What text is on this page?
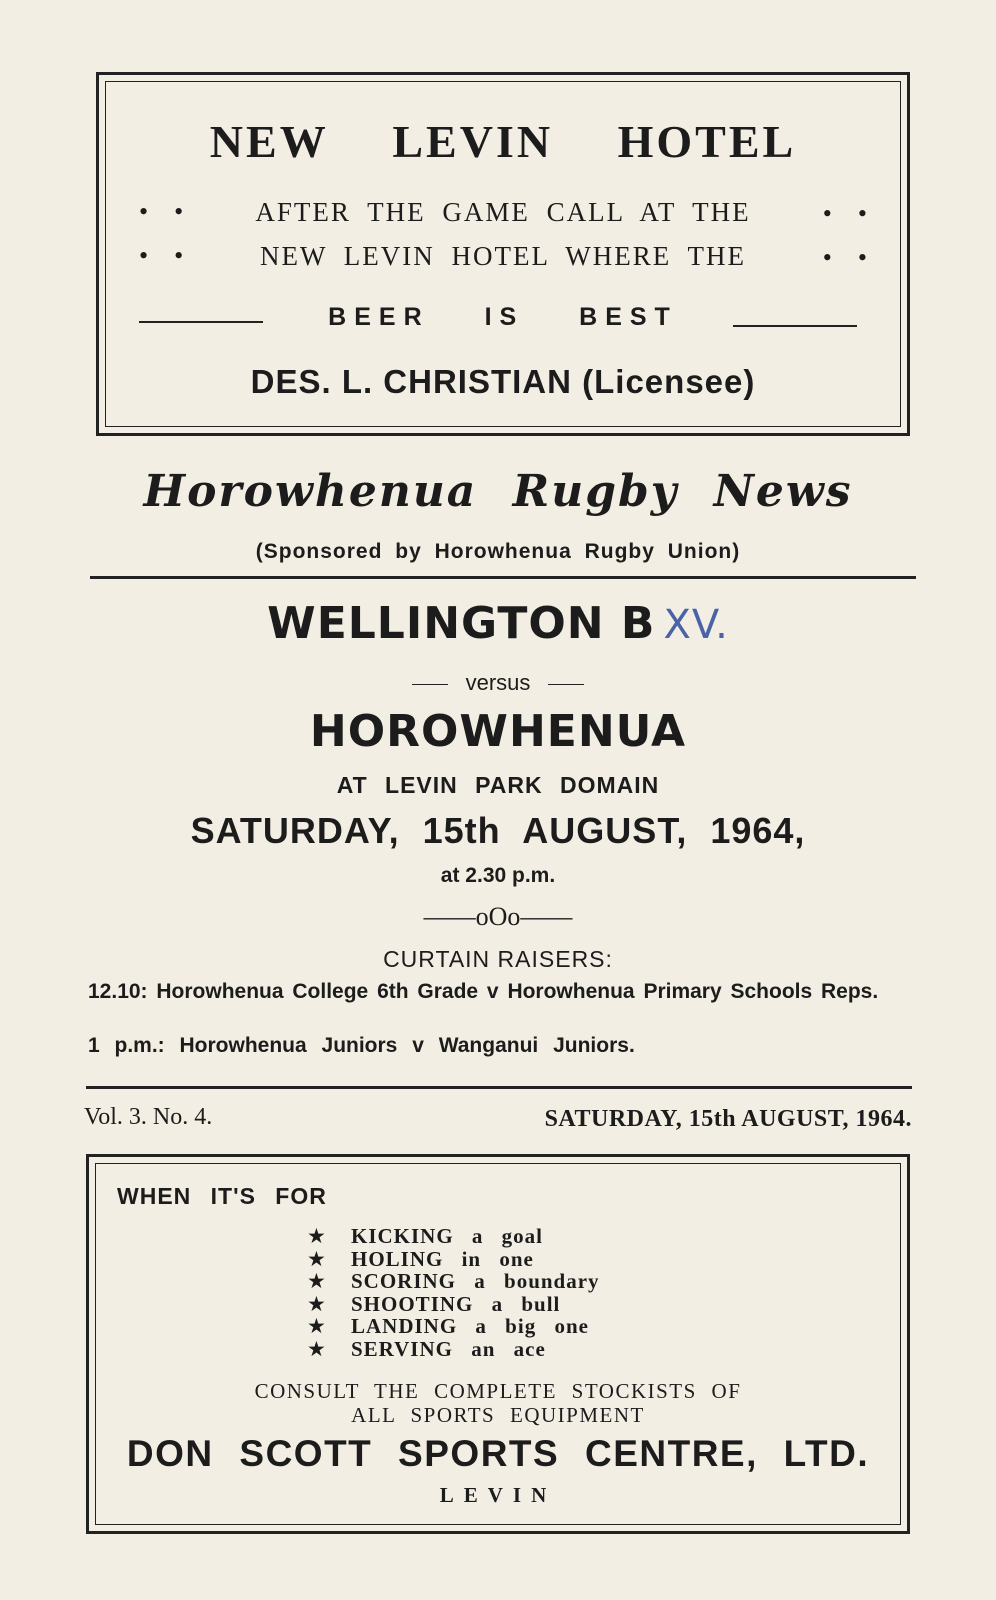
NEW LEVIN HOTEL
••	AFTER THE GAME CALL AT THE	••
••	NEW LEVIN HOTEL WHERE THE	••
BEER IS BEST
DES. L. CHRISTIAN (Licensee)
Horowhenua Rugby News
(Sponsored by Horowhenua Rugby Union)
WELLINGTON B XV.
versus
HOROWHENUA
AT LEVIN PARK DOMAIN
SATURDAY, 15th AUGUST, 1964,
at 2.30 p.m.
——oOo——
CURTAIN RAISERS:
12.10: Horowhenua College 6th Grade v Horowhenua Primary Schools Reps.
1 p.m.: Horowhenua Juniors v Wanganui Juniors.
Vol. 3. No. 4.	SATURDAY, 15th AUGUST, 1964.
WHEN IT'S FOR
★ KICKING a goal
★ HOLING in one
★ SCORING a boundary
★ SHOOTING a bull
★ LANDING a big one
★ SERVING an ace
CONSULT THE COMPLETE STOCKISTS OF
ALL SPORTS EQUIPMENT
DON SCOTT SPORTS CENTRE, LTD.
LEVIN
